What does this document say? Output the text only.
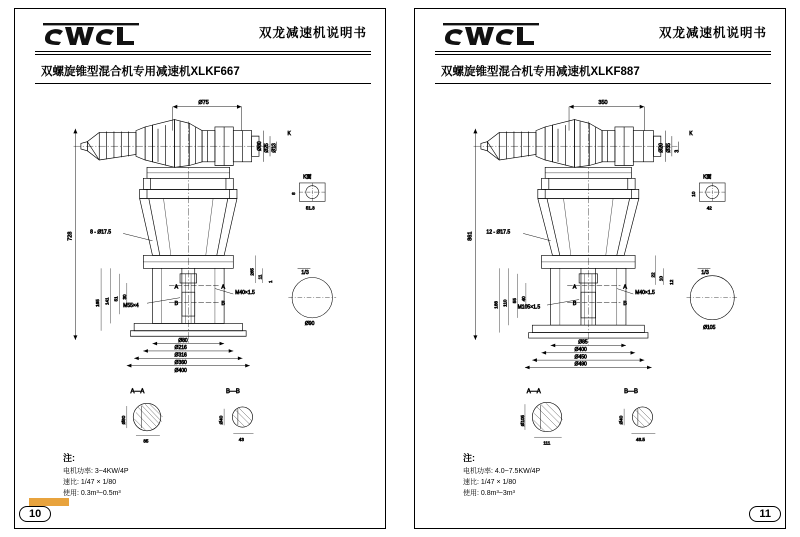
双龙减速机说明书
双螺旋锥型混合机专用减速机XLKF667
Ø75
Ø80 Ø25 Ø13
K
K面
8
51.3
728
A
B
A
B
8 - Ø17.5
M55×4
M40×1.5
165 141 51 30
265
11
1
Ø90
1/3
Ø80
Ø216
Ø316
Ø360
Ø400
A—A
Ø80
85
B—B
Ø40
43
注:
电机功率: 3~4KW/4P
速比: 1/47 × 1/80
使用: 0.3m³~0.5m³
10
双龙减速机说明书
双螺旋锥型混合机专用减速机XLKF887
350
Ø20 Ø35 3
K
K面
10
42
861
A
B
A
B
12 - Ø17.5
M105×1.5
M40×1.5
188 110 55 40
22
10
12
Ø105
1/3
Ø85
Ø400
Ø450
Ø490
A—A
Ø105
111
B—B
Ø40
48.5
注:
电机功率: 4.0~7.5KW/4P
速比: 1/47 × 1/80
使用: 0.8m³~3m³
11
